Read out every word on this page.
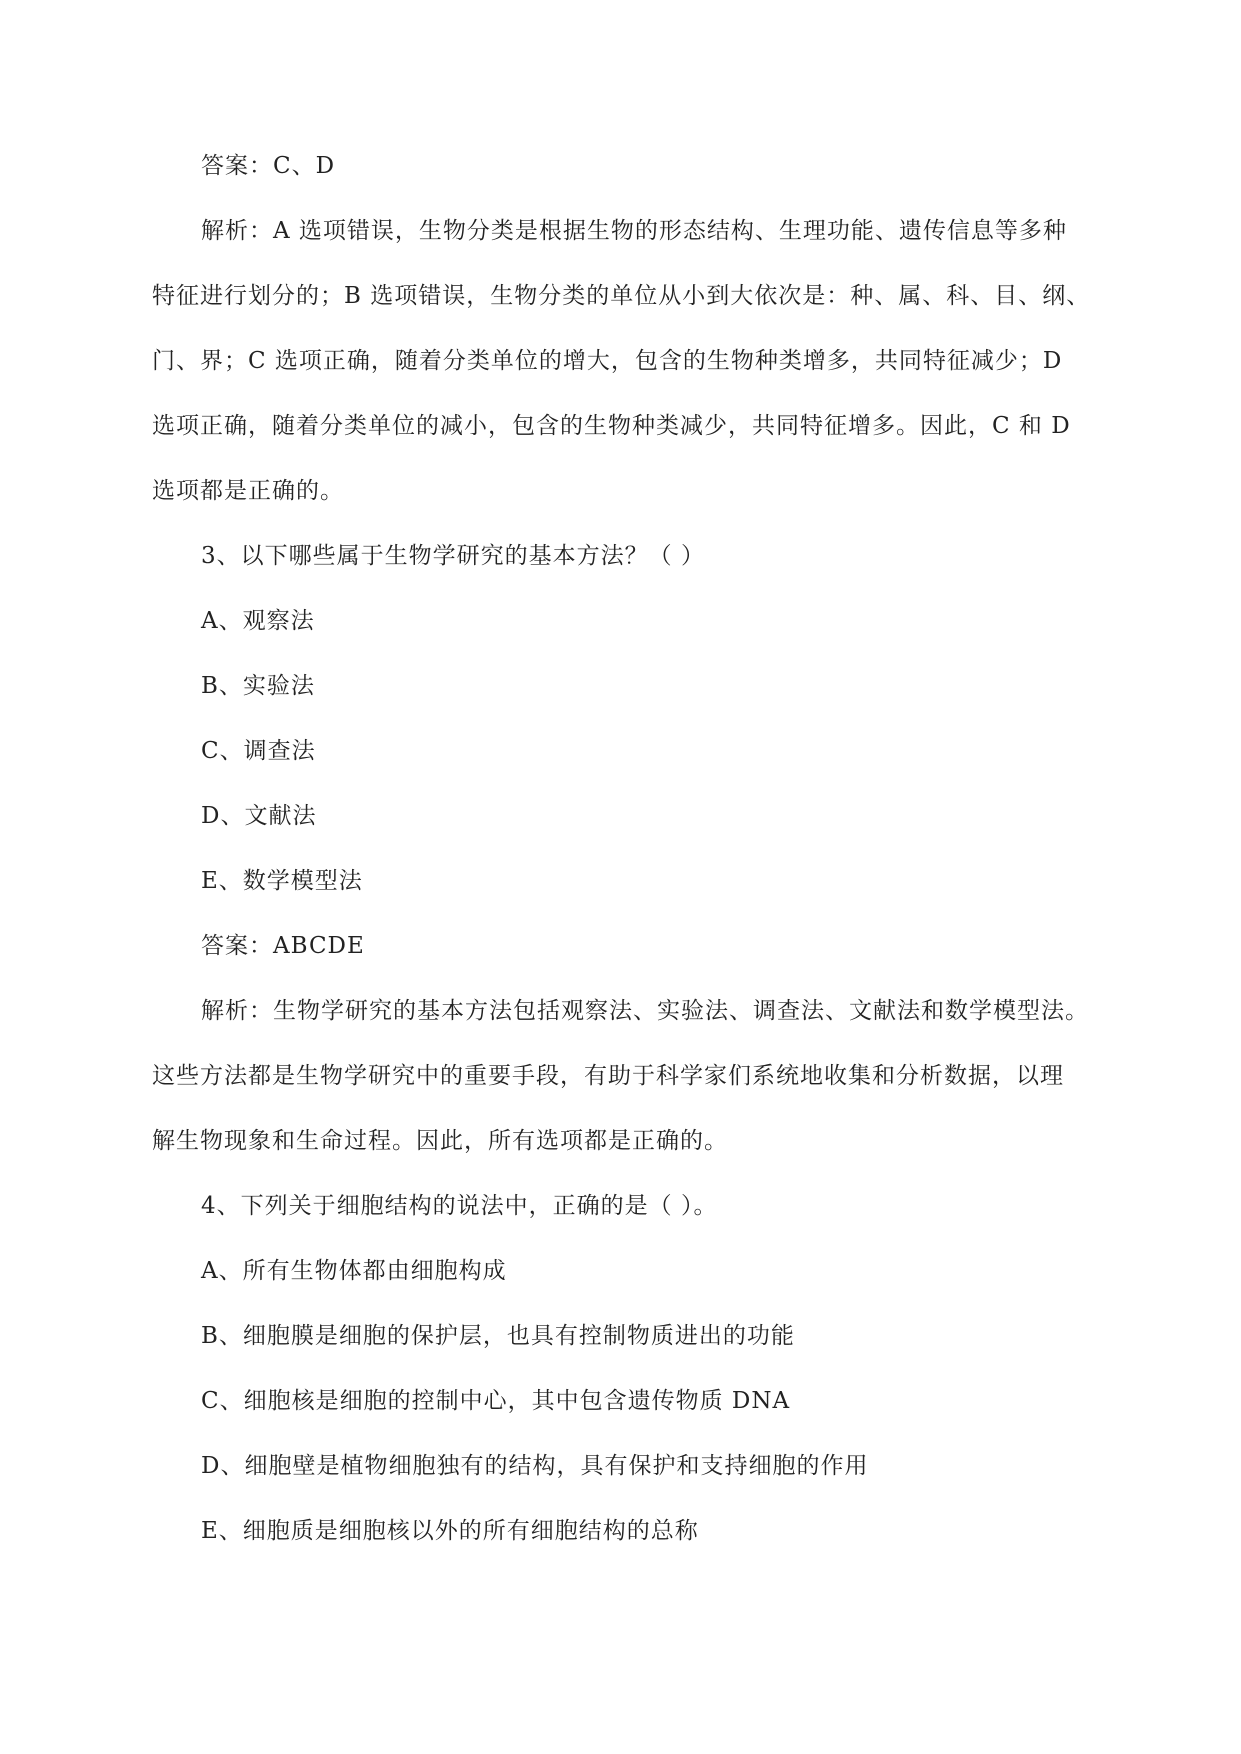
答案：C、D
解析：A 选项错误，生物分类是根据生物的形态结构、生理功能、遗传信息等多种
特征进行划分的；B 选项错误，生物分类的单位从小到大依次是：种、属、科、目、纲、
门、界；C 选项正确，随着分类单位的增大，包含的生物种类增多，共同特征减少；D
选项正确，随着分类单位的减小，包含的生物种类减少，共同特征增多。因此，C 和 D
选项都是正确的。
3、以下哪些属于生物学研究的基本方法？（ ）
A、观察法
B、实验法
C、调查法
D、文献法
E、数学模型法
答案：ABCDE
解析：生物学研究的基本方法包括观察法、实验法、调查法、文献法和数学模型法。
这些方法都是生物学研究中的重要手段，有助于科学家们系统地收集和分析数据，以理
解生物现象和生命过程。因此，所有选项都是正确的。
4、下列关于细胞结构的说法中，正确的是（ ）。
A、所有生物体都由细胞构成
B、细胞膜是细胞的保护层，也具有控制物质进出的功能
C、细胞核是细胞的控制中心，其中包含遗传物质 DNA
D、细胞壁是植物细胞独有的结构，具有保护和支持细胞的作用
E、细胞质是细胞核以外的所有细胞结构的总称
